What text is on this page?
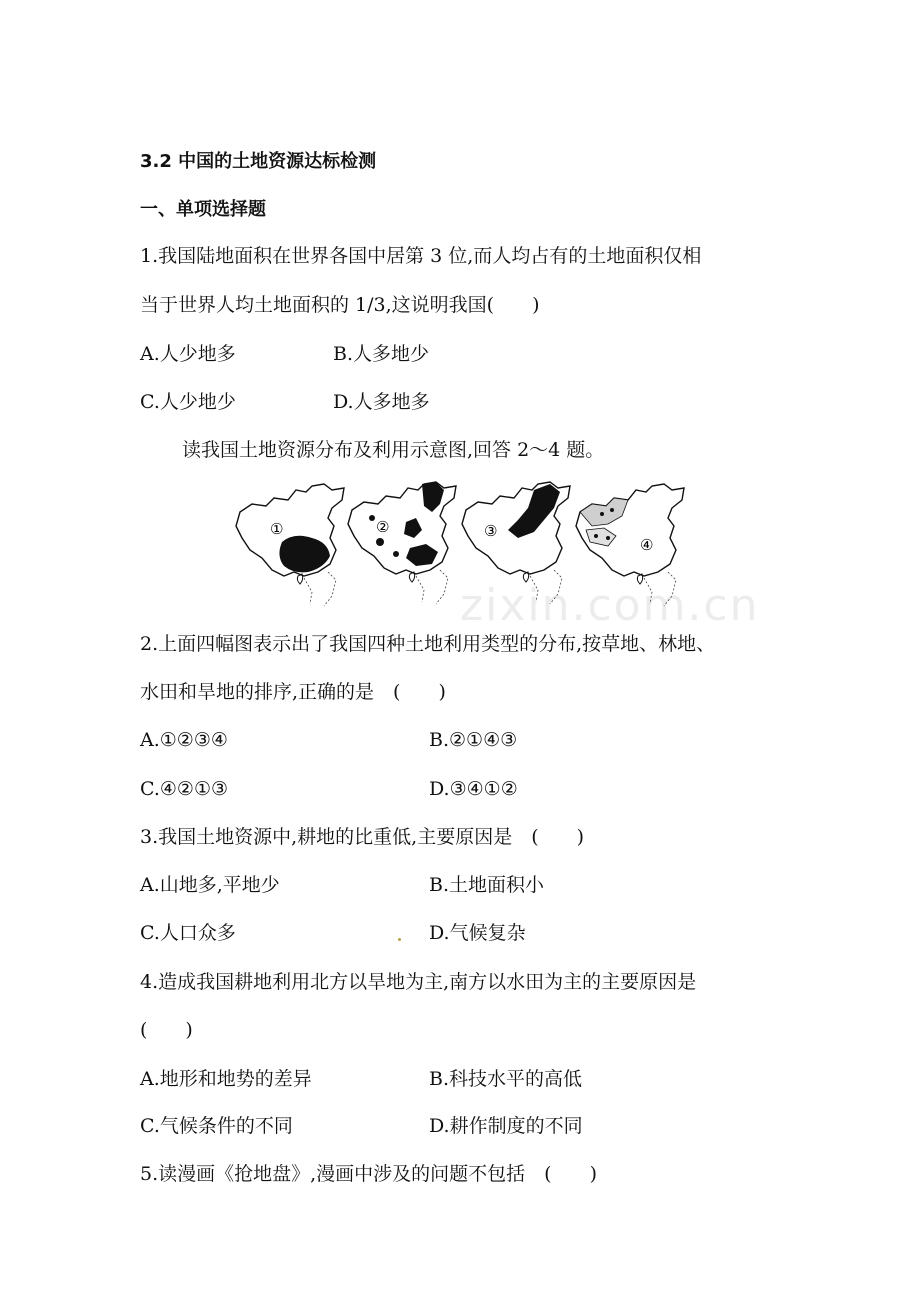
3.2 中国的土地资源达标检测
一、单项选择题
1.我国陆地面积在世界各国中居第 3 位,而人均占有的土地面积仅相
当于世界人均土地面积的 1/3,这说明我国(　　)
A.人少地多	B.人多地少
C.人少地少	D.人多地多
读我国土地资源分布及利用示意图,回答 2～4 题。
zixin.com.cn
①	②	③
④
2.上面四幅图表示出了我国四种土地利用类型的分布,按草地、林地、
水田和旱地的排序,正确的是　(　　)
A.①②③④	B.②①④③
C.④②①③	D.③④①②
3.我国土地资源中,耕地的比重低,主要原因是　(　　)
A.山地多,平地少	B.土地面积小
C.人口众多	D.气候复杂
4.造成我国耕地利用北方以旱地为主,南方以水田为主的主要原因是
(　　)
A.地形和地势的差异	B.科技水平的高低
C.气候条件的不同	D.耕作制度的不同
5.读漫画《抢地盘》,漫画中涉及的问题不包括　(　　)
